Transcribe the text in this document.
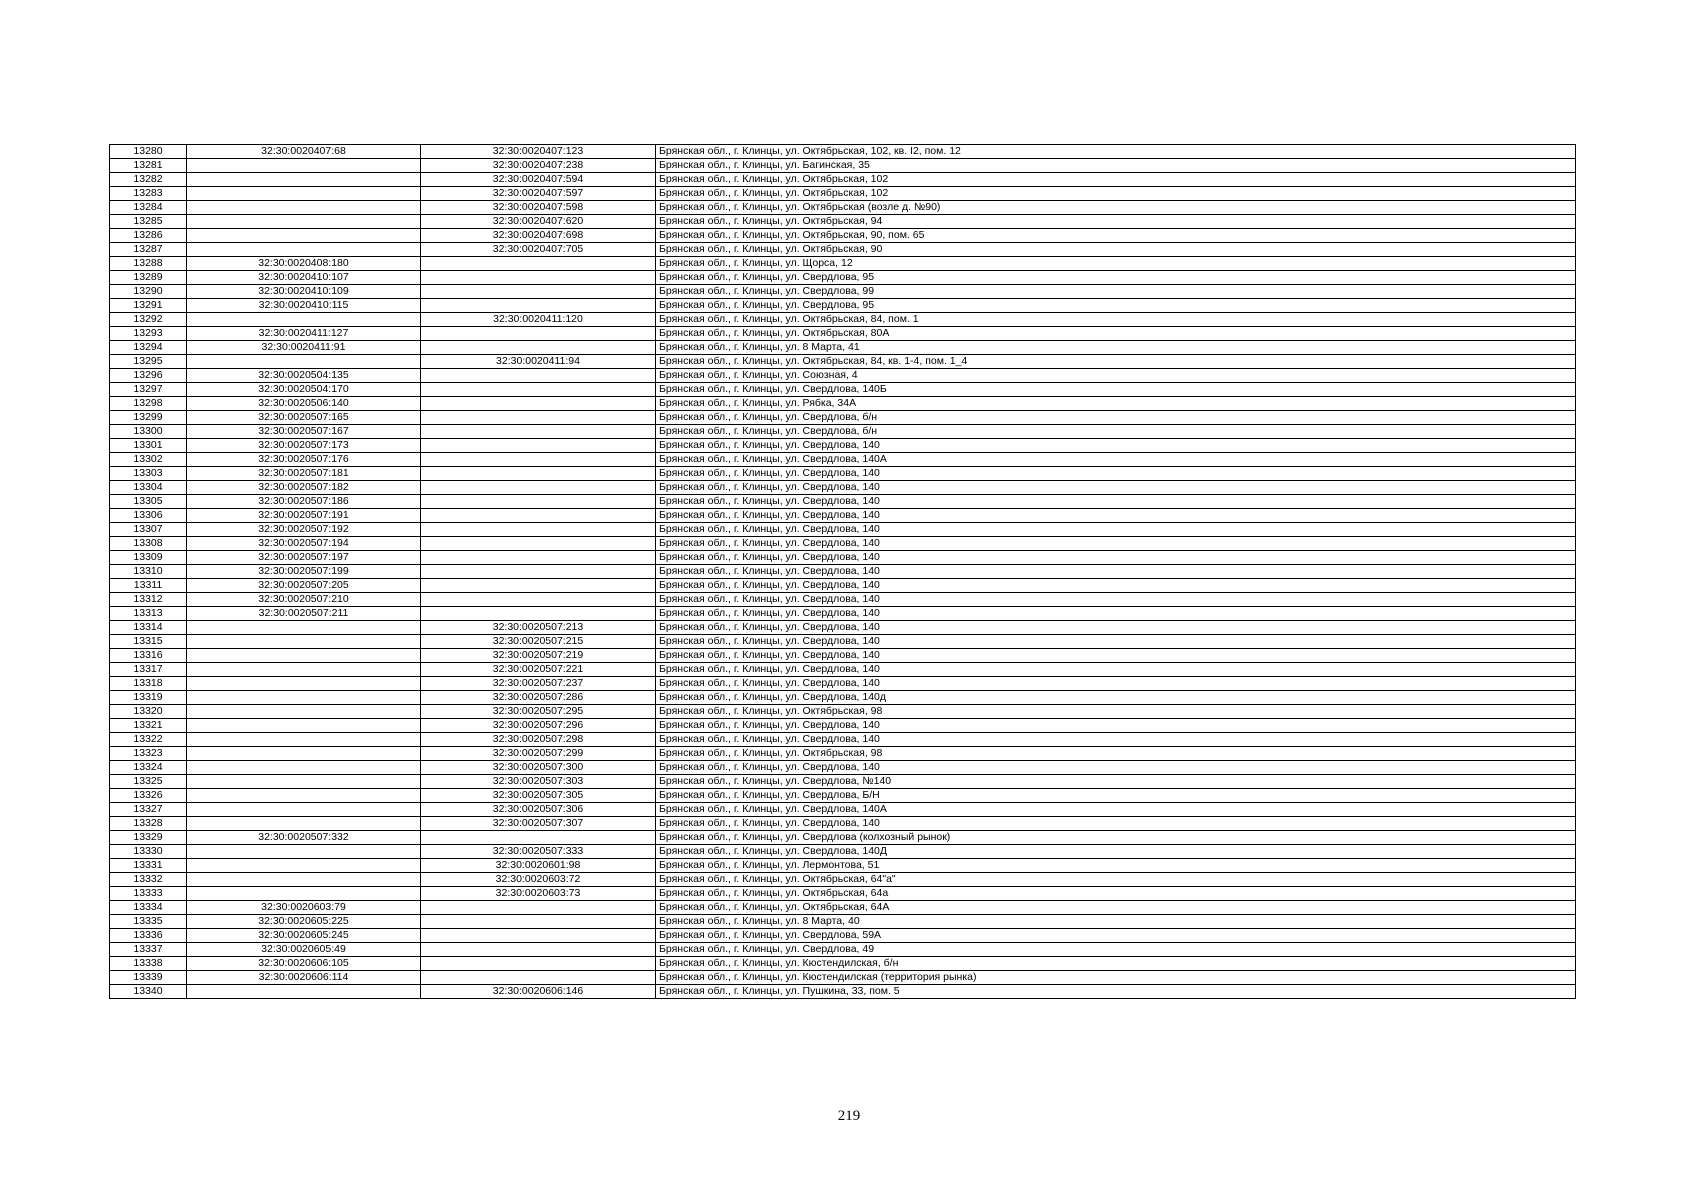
13280	32:30:0020407:68	32:30:0020407:123	Брянская обл., г. Клинцы, ул. Октябрьская, 102, кв. I2, пом. 12
13281		32:30:0020407:238	Брянская обл., г. Клинцы, ул. Багинская, 35
13282		32:30:0020407:594	Брянская обл., г. Клинцы, ул. Октябрьская, 102
13283		32:30:0020407:597	Брянская обл., г. Клинцы, ул. Октябрьская, 102
13284		32:30:0020407:598	Брянская обл., г. Клинцы, ул. Октябрьская (возле д. №90)
13285		32:30:0020407:620	Брянская обл., г. Клинцы, ул. Октябрьская, 94
13286		32:30:0020407:698	Брянская обл., г. Клинцы, ул. Октябрьская, 90, пом. 65
13287		32:30:0020407:705	Брянская обл., г. Клинцы, ул. Октябрьская, 90
13288	32:30:0020408:180		Брянская обл., г. Клинцы, ул. Щорса, 12
13289	32:30:0020410:107		Брянская обл., г. Клинцы, ул. Свердлова, 95
13290	32:30:0020410:109		Брянская обл., г. Клинцы, ул. Свердлова, 99
13291	32:30:0020410:115		Брянская обл., г. Клинцы, ул. Свердлова, 95
13292		32:30:0020411:120	Брянская обл., г. Клинцы, ул. Октябрьская, 84, пом. 1
13293	32:30:0020411:127		Брянская обл., г. Клинцы, ул. Октябрьская, 80А
13294	32:30:0020411:91		Брянская обл., г. Клинцы, ул. 8 Марта, 41
13295		32:30:0020411:94	Брянская обл., г. Клинцы, ул. Октябрьская, 84, кв. 1-4, пом. 1_4
13296	32:30:0020504:135		Брянская обл., г. Клинцы, ул. Союзная, 4
13297	32:30:0020504:170		Брянская обл., г. Клинцы, ул. Свердлова, 140Б
13298	32:30:0020506:140		Брянская обл., г. Клинцы, ул. Рябка, 34А
13299	32:30:0020507:165		Брянская обл., г. Клинцы, ул. Свердлова, б/н
13300	32:30:0020507:167		Брянская обл., г. Клинцы, ул. Свердлова, б/н
13301	32:30:0020507:173		Брянская обл., г. Клинцы, ул. Свердлова, 140
13302	32:30:0020507:176		Брянская обл., г. Клинцы, ул. Свердлова, 140А
13303	32:30:0020507:181		Брянская обл., г. Клинцы, ул. Свердлова, 140
13304	32:30:0020507:182		Брянская обл., г. Клинцы, ул. Свердлова, 140
13305	32:30:0020507:186		Брянская обл., г. Клинцы, ул. Свердлова, 140
13306	32:30:0020507:191		Брянская обл., г. Клинцы, ул. Свердлова, 140
13307	32:30:0020507:192		Брянская обл., г. Клинцы, ул. Свердлова, 140
13308	32:30:0020507:194		Брянская обл., г. Клинцы, ул. Свердлова, 140
13309	32:30:0020507:197		Брянская обл., г. Клинцы, ул. Свердлова, 140
13310	32:30:0020507:199		Брянская обл., г. Клинцы, ул. Свердлова, 140
13311	32:30:0020507:205		Брянская обл., г. Клинцы, ул. Свердлова, 140
13312	32:30:0020507:210		Брянская обл., г. Клинцы, ул. Свердлова, 140
13313	32:30:0020507:211		Брянская обл., г. Клинцы, ул. Свердлова, 140
13314		32:30:0020507:213	Брянская обл., г. Клинцы, ул. Свердлова, 140
13315		32:30:0020507:215	Брянская обл., г. Клинцы, ул. Свердлова, 140
13316		32:30:0020507:219	Брянская обл., г. Клинцы, ул. Свердлова, 140
13317		32:30:0020507:221	Брянская обл., г. Клинцы, ул. Свердлова, 140
13318		32:30:0020507:237	Брянская обл., г. Клинцы, ул. Свердлова, 140
13319		32:30:0020507:286	Брянская обл., г. Клинцы, ул. Свердлова, 140д
13320		32:30:0020507:295	Брянская обл., г. Клинцы, ул. Октябрьская, 98
13321		32:30:0020507:296	Брянская обл., г. Клинцы, ул. Свердлова, 140
13322		32:30:0020507:298	Брянская обл., г. Клинцы, ул. Свердлова, 140
13323		32:30:0020507:299	Брянская обл., г. Клинцы, ул. Октябрьская, 98
13324		32:30:0020507:300	Брянская обл., г. Клинцы, ул. Свердлова, 140
13325		32:30:0020507:303	Брянская обл., г. Клинцы, ул. Свердлова, №140
13326		32:30:0020507:305	Брянская обл., г. Клинцы, ул. Свердлова, Б/Н
13327		32:30:0020507:306	Брянская обл., г. Клинцы, ул. Свердлова, 140А
13328		32:30:0020507:307	Брянская обл., г. Клинцы, ул. Свердлова, 140
13329	32:30:0020507:332		Брянская обл., г. Клинцы, ул. Свердлова (колхозный рынок)
13330		32:30:0020507:333	Брянская обл., г. Клинцы, ул. Свердлова, 140Д
13331		32:30:0020601:98	Брянская обл., г. Клинцы, ул. Лермонтова, 51
13332		32:30:0020603:72	Брянская обл., г. Клинцы, ул. Октябрьская, 64"а"
13333		32:30:0020603:73	Брянская обл., г. Клинцы, ул. Октябрьская, 64а
13334	32:30:0020603:79		Брянская обл., г. Клинцы, ул. Октябрьская, 64А
13335	32:30:0020605:225		Брянская обл., г. Клинцы, ул. 8 Марта, 40
13336	32:30:0020605:245		Брянская обл., г. Клинцы, ул. Свердлова, 59А
13337	32:30:0020605:49		Брянская обл., г. Клинцы, ул. Свердлова, 49
13338	32:30:0020606:105		Брянская обл., г. Клинцы, ул. Кюстендилская, б/н
13339	32:30:0020606:114		Брянская обл., г. Клинцы, ул. Кюстендилская (территория рынка)
13340		32:30:0020606:146	Брянская обл., г. Клинцы, ул. Пушкина, 33, пом. 5
219
